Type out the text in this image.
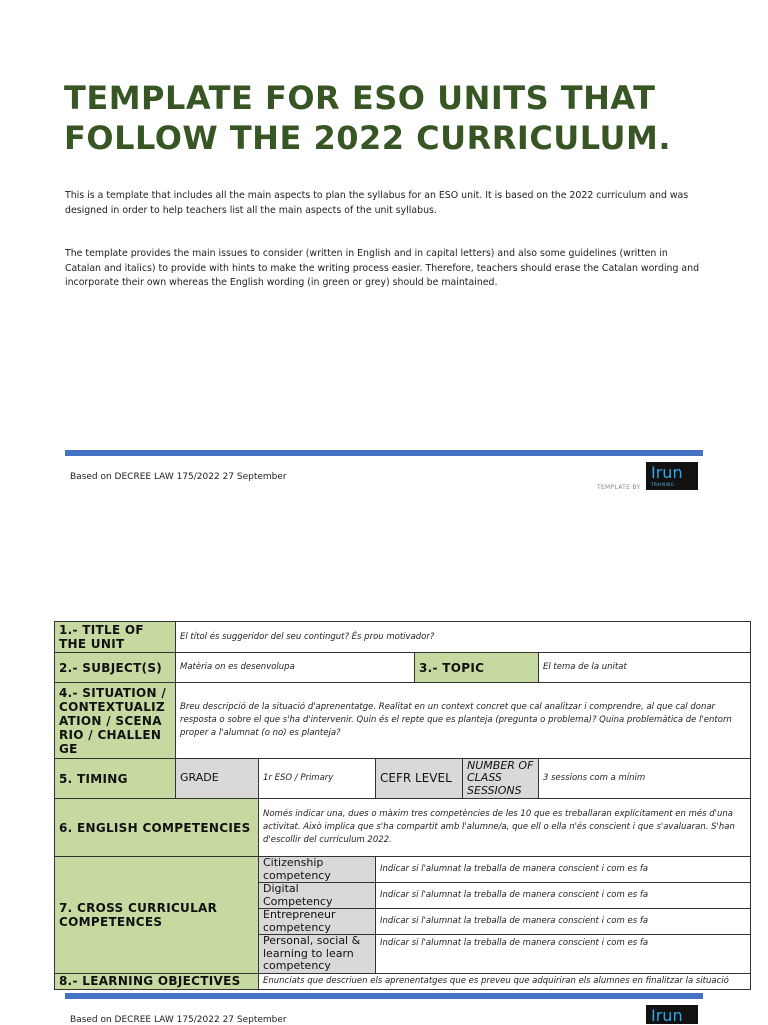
TEMPLATE FOR ESO UNITS THAT FOLLOW THE 2022 CURRICULUM.

This is a template that includes all the main aspects to plan the syllabus for an ESO unit. It is based on the 2022 curriculum and was designed in order to help teachers list all the main aspects of the unit syllabus.

The template provides the main issues to consider (written in English and in capital letters) and also some guidelines (written in Catalan and italics) to provide with hints to make the writing process easier. Therefore, teachers should erase the Catalan wording and incorporate their own whereas the English wording (in green or grey) should be maintained.

Based on DECREE LAW 175/2022 27 September
TEMPLATE BY
Irun
TRAINING
1.- TITLE OF THE UNIT	El títol és suggeridor del seu contingut? És prou motivador?					
2.- SUBJECT(S)	Matèria on es desenvolupa			3.- TOPIC		El tema de la unitat
4.- SITUATION / CONTEXTUALIZATION / SCENARIO / CHALLENGE	Breu descripció de la situació d'aprenentatge. Realitat en un context concret que cal analitzar i comprendre, al que cal donar resposta o sobre el que s'ha d'intervenir. Quin és el repte que es planteja (pregunta o problema)? Quina problemàtica de l'entorn proper a l'alumnat (o no) es planteja?					
5. TIMING	GRADE	1r ESO / Primary	CEFR LEVEL		NUMBER OF CLASS SESSIONS	3 sessions com a mínim
6. ENGLISH COMPETENCIES		Només indicar una, dues o màxim tres competències de les 10 que es treballaran explícitament en més d'una activitat. Això implica que s'ha compartit amb l'alumne/a, que ell o ella n'és conscient i que s'avaluaran. S'han d'escollir del currículum 2022.				
7. CROSS CURRICULAR COMPETENCES		Citizenship competency	Indicar si l'alumnat la treballa de manera conscient i com es fa			
		Digital Competency	Indicar si l'alumnat la treballa de manera conscient i com es fa			
		Entrepreneur competency	Indicar si l'alumnat la treballa de manera conscient i com es fa			
		Personal, social & learning to learn competency	Indicar si l'alumnat la treballa de manera conscient i com es fa			
8.- LEARNING OBJECTIVES		Enunciats que descriuen els aprenentatges que es preveu que adquiriran els alumnes en finalitzar la situació				
Based on DECREE LAW 175/2022 27 September	Irun
